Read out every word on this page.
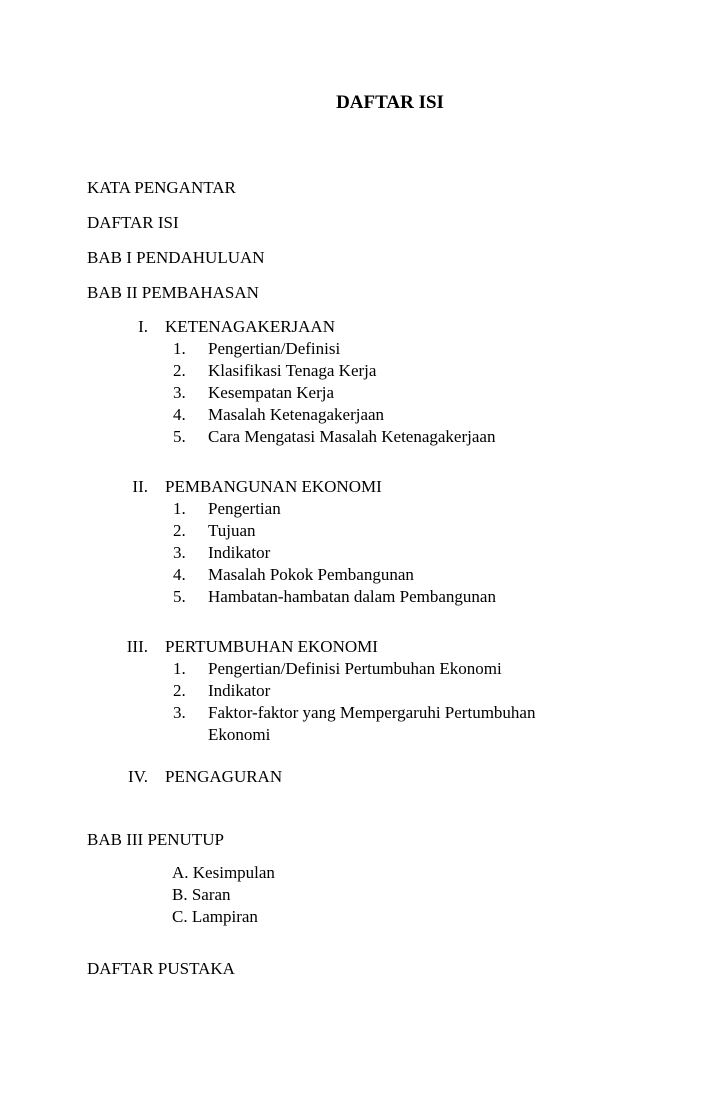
DAFTAR ISI
KATA PENGANTAR
DAFTAR ISI
BAB I PENDAHULUAN
BAB II PEMBAHASAN
I. KETENAGAKERJAAN
1. Pengertian/Definisi
2. Klasifikasi Tenaga Kerja
3. Kesempatan Kerja
4. Masalah Ketenagakerjaan
5. Cara Mengatasi Masalah Ketenagakerjaan
II. PEMBANGUNAN EKONOMI
1. Pengertian
2. Tujuan
3. Indikator
4. Masalah Pokok Pembangunan
5. Hambatan-hambatan dalam Pembangunan
III. PERTUMBUHAN EKONOMI
1. Pengertian/Definisi Pertumbuhan Ekonomi
2. Indikator
3. Faktor-faktor yang Mempergaruhi Pertumbuhan
Ekonomi
IV. PENGAGURAN
BAB III PENUTUP
A. Kesimpulan
B. Saran
C. Lampiran
DAFTAR PUSTAKA
